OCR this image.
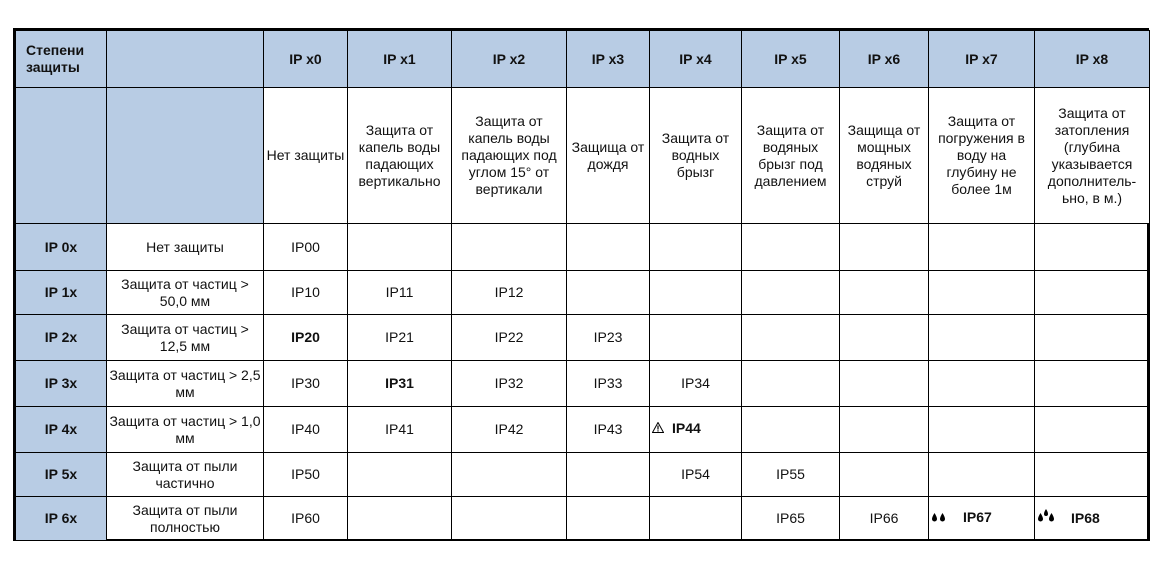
Степени защиты		IP x0	IP x1	IP x2	IP x3	IP x4	IP x5	IP x6	IP x7	IP x8
		Нет защиты	Защита от капель воды падающих вертикально	Защита от капель воды падающих под углом 15° от вертикали	Защища от дождя	Защита от водных брызг	Защита от водяных брызг под давлением	Защища от мощных водяных струй	Защита от погружения в воду на глубину не более 1м	Защита от затопления (глубина указывается дополнитель-ьно, в м.)
IP 0x	Нет защиты	IP00								
IP 1x	Защита от частиц > 50,0 мм	IP10	IP11	IP12						
IP 2x	Защита от частиц > 12,5 мм	IP20	IP21	IP22	IP23					
IP 3x	Защита от частиц > 2,5 мм	IP30	IP31	IP32	IP33	IP34				
IP 4x	Защита от частиц > 1,0 мм	IP40	IP41	IP42	IP43	IP44				
IP 5x	Защита от пыли частично	IP50				IP54	IP55			
IP 6x	Защита от пыли полностью	IP60					IP65	IP66	IP67	IP68
